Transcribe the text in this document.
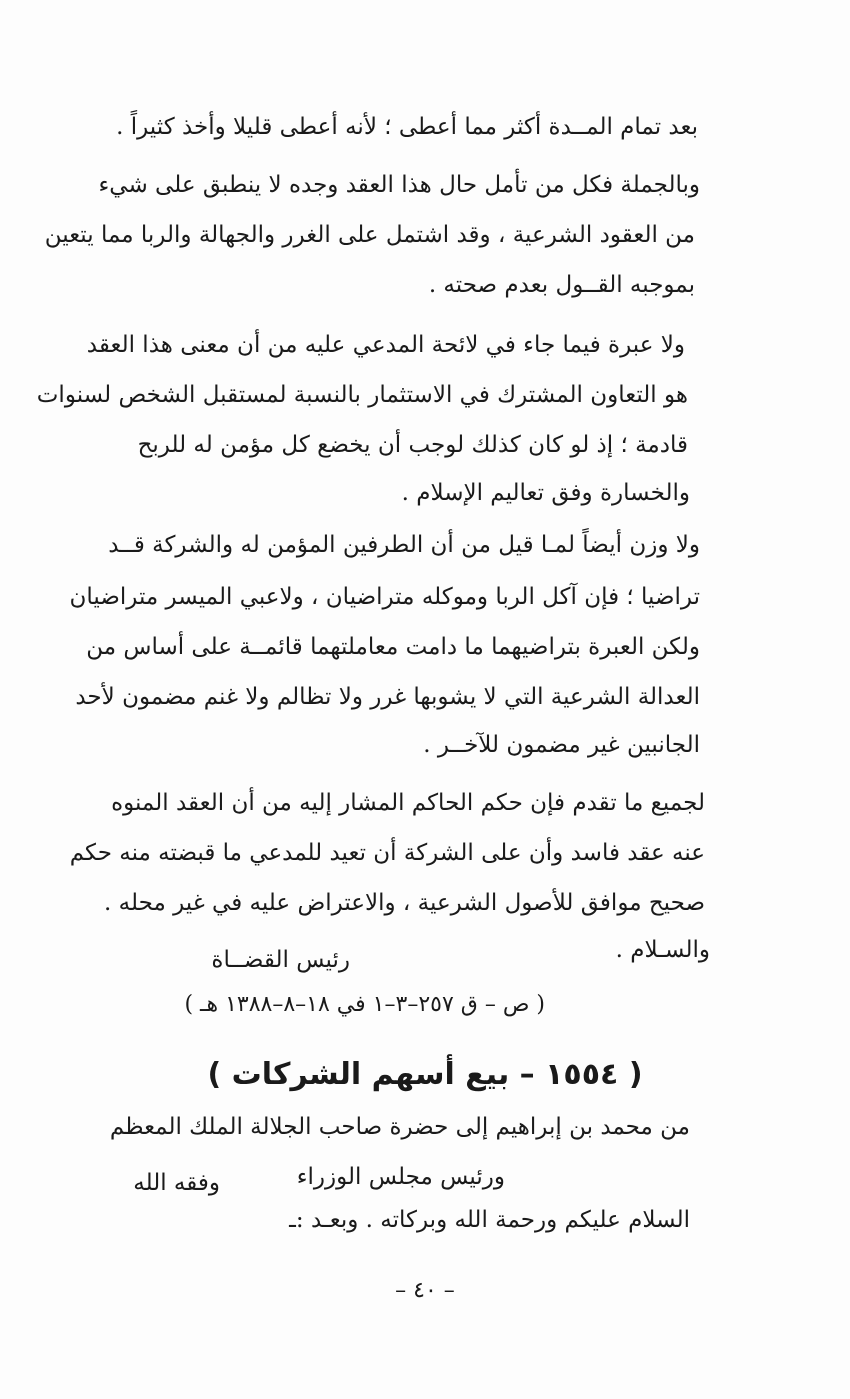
بعد تمام المــدة أكثر مما أعطى ؛ لأنه أعطى قليلا وأخذ كثيراً .
وبالجملة فكل من تأمل حال هذا العقد وجده لا ينطبق على شيء
من العقود الشرعية ، وقد اشتمل على الغرر والجهالة والربا مما يتعين
بموجبه القــول بعدم صحته .
ولا عبرة فيما جاء في لائحة المدعي عليه من أن معنى هذا العقد
هو التعاون المشترك في الاستثمار بالنسبة لمستقبل الشخص لسنوات
قادمة ؛ إذ لو كان كذلك لوجب أن يخضع كل مؤمن له للربح
والخسارة وفق تعاليم الإسلام .
ولا وزن أيضاً لمـا قيل من أن الطرفين المؤمن له والشركة قــد
تراضيا ؛ فإن آكل الربا وموكله متراضيان ، ولاعبي الميسر متراضيان
ولكن العبرة بتراضيهما ما دامت معاملتهما قائمــة على أساس من
العدالة الشرعية التي لا يشوبها غرر ولا تظالم ولا غنم مضمون لأحد
الجانبين غير مضمون للآخــر .
لجميع ما تقدم فإن حكم الحاكم المشار إليه من أن العقد المنوه
عنه عقد فاسد وأن على الشركة أن تعيد للمدعي ما قبضته منه حكم
صحيح موافق للأصول الشرعية ، والاعتراض عليه في غير محله .
والسـلام .
رئيس القضــاة
( ص – ق ٢٥٧–٣–١ في ١٨–٨–١٣٨٨ هـ )
( ١٥٥٤ – بيع أسهم الشركات )
من محمد بن إبراهيم إلى حضرة صاحب الجلالة الملك المعظم
ورئيس مجلس الوزراء
وفقه الله
السلام عليكم ورحمة الله وبركاته . وبعـد :ـ
– ٤٠ –
